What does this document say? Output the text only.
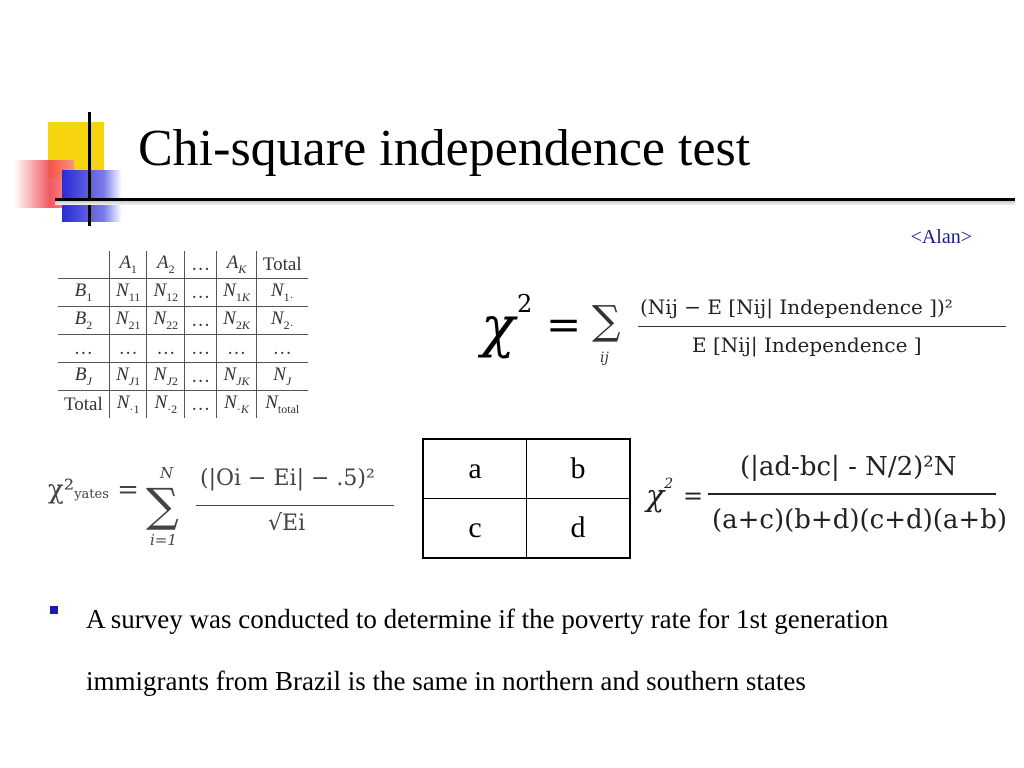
Chi-square independence test
<Alan>
	$A_1$	$A_2$	…	$A_K$	Total
$B_1$	$N_{11}$	$N_{12}$	…	$N_{1K}$	$N_{1\cdot}$
$B_2$	$N_{21}$	$N_{22}$	…	$N_{2K}$	$N_{2\cdot}$
…	…	…	…	…	…
$B_J$	$N_{J1}$	$N_{J2}$	…	$N_{JK}$	$N_J$
Total	$N_{\cdot 1}$	$N_{\cdot 2}$	…	$N_{\cdot K}$	$N_{total}$
$\chi^2$ = ∑
ij
(Nij − E [Nij| Independence ])²
E [Nij| Independence ]
χ²yates = ∑
N
i=1
(|Oi − Ei| − .5)²
√Ei
a	b
c	d
$\chi^2$ =
(|ad-bc| - N/2)²N
(a+c)(b+d)(c+d)(a+b)
A survey was conducted to determine if the poverty rate for 1st generation immigrants from Brazil is the same in northern and southern states
